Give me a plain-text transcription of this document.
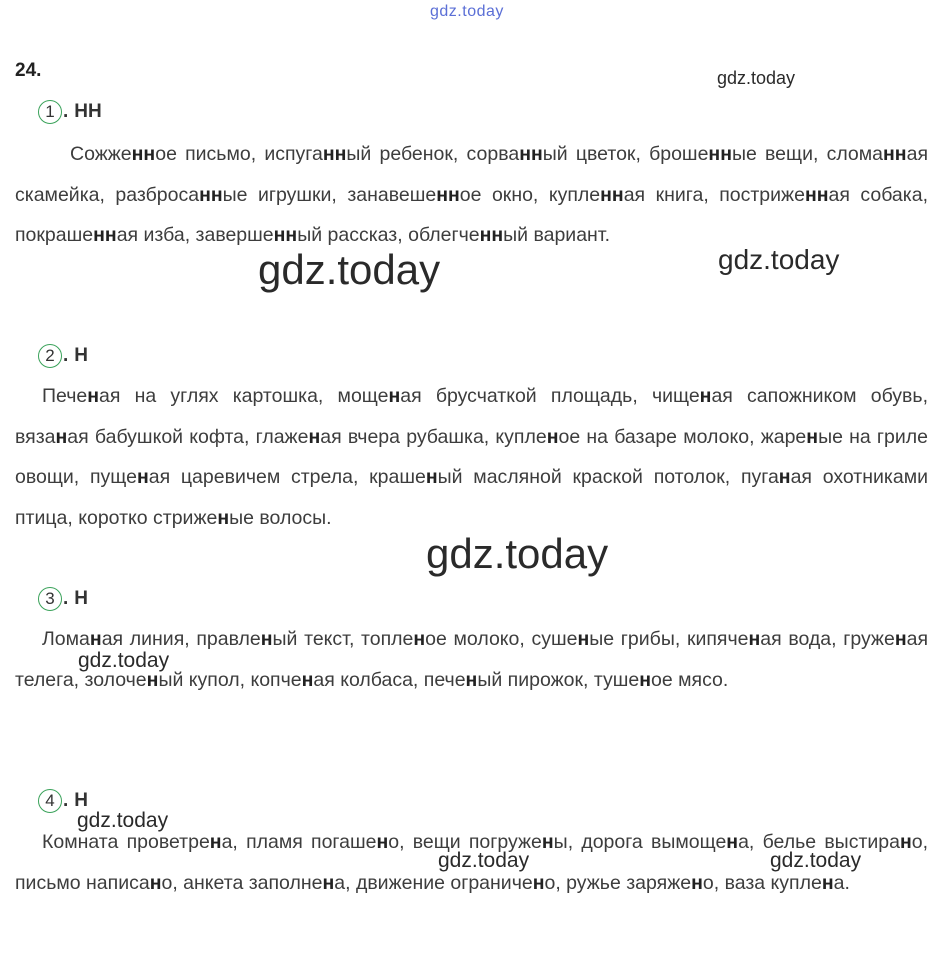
gdz.today
24.
1 . НН
Сожженное письмо, испуганный ребенок, сорванный цветок, брошенные вещи, сломанная скамейка, разбросанные игрушки, занавешенное окно, купленная книга, постриженная собака, покрашенная изба, завершенный рассказ, облегченный вариант.
2 . Н
Печеная на углях картошка, мощеная брусчаткой площадь, чищеная сапожником обувь, вязаная бабушкой кофта, глаженая вчера рубашка, купленое на базаре молоко, жареные на гриле овощи, пущеная царевичем стрела, крашеный масляной краской потолок, пуганая охотниками птица, коротко стриженые волосы.
3 . Н
Ломаная линия, правленый текст, топленое молоко, сушеные грибы, кипяченая вода, груженая телега, золоченый купол, копченая колбаса, печеный пирожок, тушеное мясо.
4 . Н
Комната проветрена, пламя погашено, вещи погружены, дорога вымощена, белье выстирано, письмо написано, анкета заполнена, движение ограничено, ружье заряжено, ваза куплена.
gdz.today
gdz.today	gdz.today
gdz.today
gdz.today
gdz.today
gdz.today	gdz.today
